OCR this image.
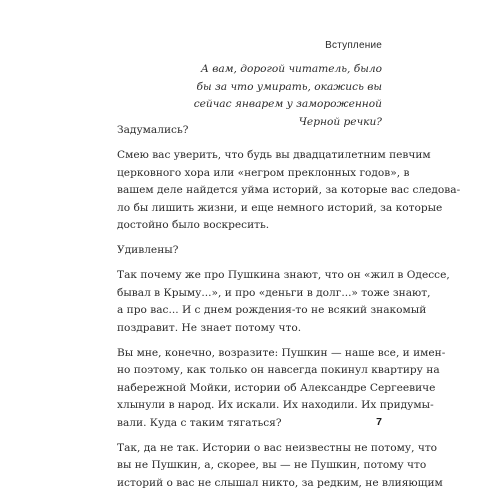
Вступление
А вам, дорогой читатель, было
бы за что умирать, окажись вы
сейчас январем у замороженной
Черной речки?

Задумались?

Смею вас уверить, что будь вы двадцатилетним певчим
церковного хора или «негром преклонных годов», в
вашем деле найдется уйма историй, за которые вас следова-
ло бы лишить жизни, и еще немного историй, за которые
достойно было воскресить.

Удивлены?

Так почему же про Пушкина знают, что он «жил в Одессе,
бывал в Крыму...», и про «деньги в долг...» тоже знают,
а про вас... И с днем рождения-то не всякий знакомый
поздравит. Не знает потому что.

Вы мне, конечно, возразите: Пушкин — наше все, и имен-
но поэтому, как только он навсегда покинул квартиру на
набережной Мойки, истории об Александре Сергеевиче
хлынули в народ. Их искали. Их находили. Их придумы-
вали. Куда с таким тягаться?

Так, да не так. Истории о вас неизвестны не потому, что
вы не Пушкин, а, скорее, вы — не Пушкин, потому что
историй о вас не слышал никто, за редким, не влияющим

7
